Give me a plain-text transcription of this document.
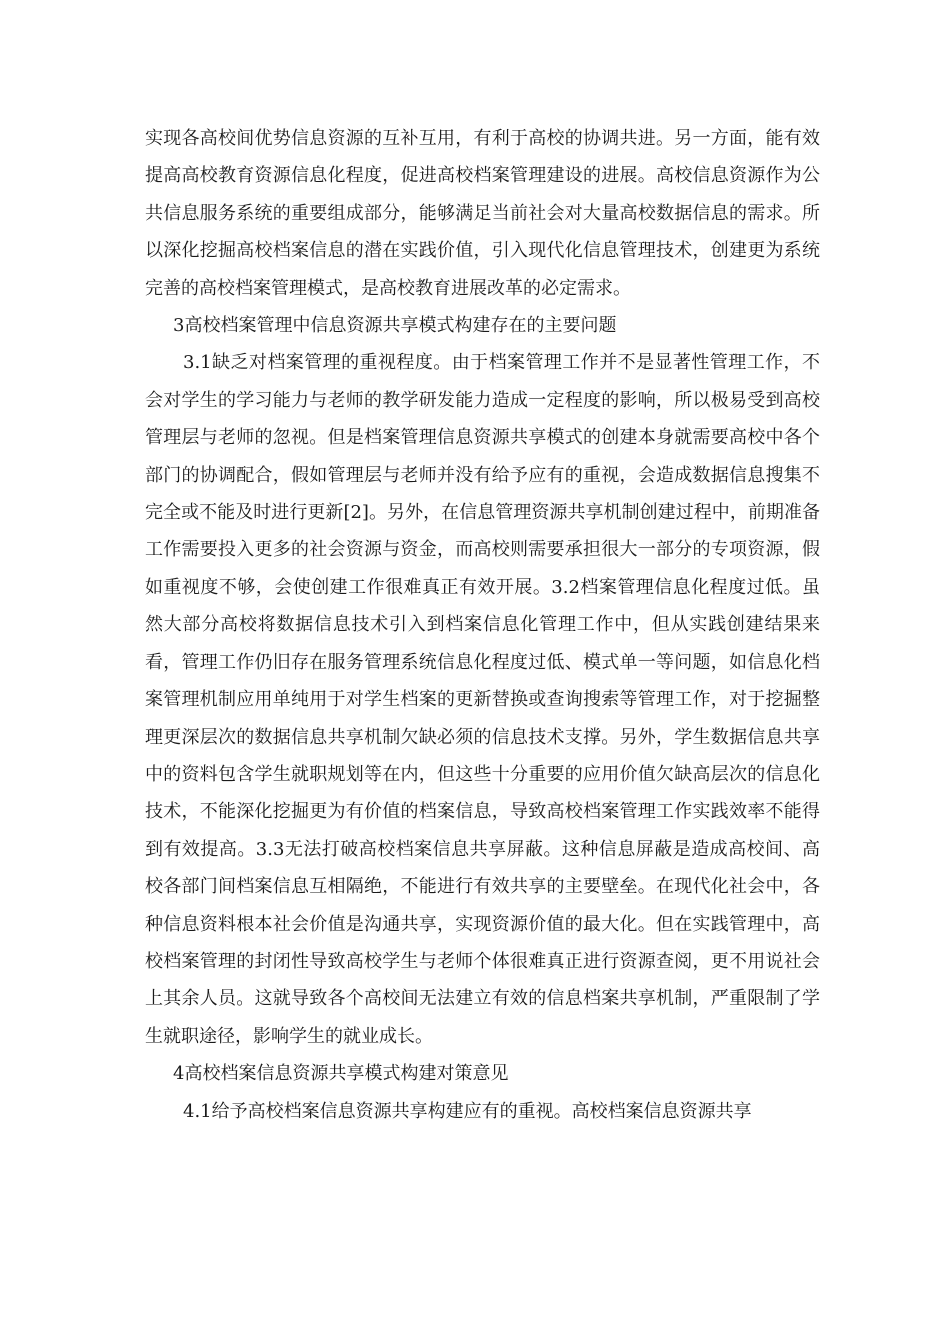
实现各高校间优势信息资源的互补互用，有利于高校的协调共进。另一方面，能有效提高高校教育资源信息化程度，促进高校档案管理建设的进展。高校信息资源作为公共信息服务系统的重要组成部分，能够满足当前社会对大量高校数据信息的需求。所以深化挖掘高校档案信息的潜在实践价值，引入现代化信息管理技术，创建更为系统完善的高校档案管理模式，是高校教育进展改革的必定需求。

3高校档案管理中信息资源共享模式构建存在的主要问题

3.1缺乏对档案管理的重视程度。由于档案管理工作并不是显著性管理工作，不会对学生的学习能力与老师的教学研发能力造成一定程度的影响，所以极易受到高校管理层与老师的忽视。但是档案管理信息资源共享模式的创建本身就需要高校中各个部门的协调配合，假如管理层与老师并没有给予应有的重视，会造成数据信息搜集不完全或不能及时进行更新[2]。另外，在信息管理资源共享机制创建过程中，前期准备工作需要投入更多的社会资源与资金，而高校则需要承担很大一部分的专项资源，假如重视度不够，会使创建工作很难真正有效开展。3.2档案管理信息化程度过低。虽然大部分高校将数据信息技术引入到档案信息化管理工作中，但从实践创建结果来看，管理工作仍旧存在服务管理系统信息化程度过低、模式单一等问题，如信息化档案管理机制应用单纯用于对学生档案的更新替换或查询搜索等管理工作，对于挖掘整理更深层次的数据信息共享机制欠缺必须的信息技术支撑。另外，学生数据信息共享中的资料包含学生就职规划等在内，但这些十分重要的应用价值欠缺高层次的信息化技术，不能深化挖掘更为有价值的档案信息，导致高校档案管理工作实践效率不能得到有效提高。3.3无法打破高校档案信息共享屏蔽。这种信息屏蔽是造成高校间、高校各部门间档案信息互相隔绝，不能进行有效共享的主要壁垒。在现代化社会中，各种信息资料根本社会价值是沟通共享，实现资源价值的最大化。但在实践管理中，高校档案管理的封闭性导致高校学生与老师个体很难真正进行资源查阅，更不用说社会上其余人员。这就导致各个高校间无法建立有效的信息档案共享机制，严重限制了学生就职途径，影响学生的就业成长。

4高校档案信息资源共享模式构建对策意见

4.1给予高校档案信息资源共享构建应有的重视。高校档案信息资源共享
